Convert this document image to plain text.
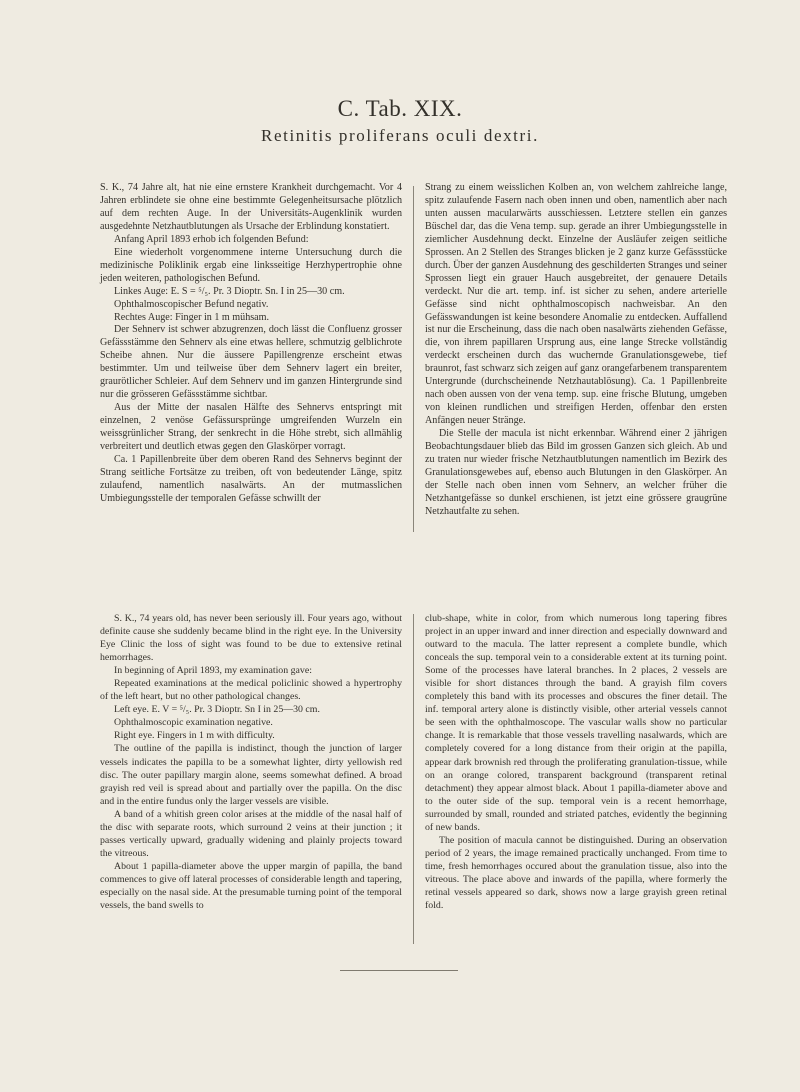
C. Tab. XIX.
Retinitis proliferans oculi dextri.

S. K., 74 Jahre alt, hat nie eine ernstere Krankheit durchgemacht. Vor 4 Jahren erblindete sie ohne eine bestimmte Gelegenheitsursache plötzlich auf dem rechten Auge. In der Universitäts-Augenklinik wurden ausgedehnte Netzhautblutungen als Ursache der Erblindung konstatiert.

Anfang April 1893 erhob ich folgenden Befund:

Eine wiederholt vorgenommene interne Untersuchung durch die medizinische Poliklinik ergab eine linksseitige Herzhypertrophie ohne jeden weiteren, pathologischen Befund.

Linkes Auge: E. S = ⁵/₅. Pr. 3 Dioptr. Sn. I in 25—30 cm.

Ophthalmoscopischer Befund negativ.

Rechtes Auge: Finger in 1 m mühsam.

Der Sehnerv ist schwer abzugrenzen, doch lässt die Confluenz grosser Gefässstämme den Sehnerv als eine etwas hellere, schmutzig gelblichrote Scheibe ahnen. Nur die äussere Papillengrenze erscheint etwas bestimmter. Um und teilweise über dem Sehnerv lagert ein breiter, graurötlicher Schleier. Auf dem Sehnerv und im ganzen Hintergrunde sind nur die grösseren Gefässstämme sichtbar.

Aus der Mitte der nasalen Hälfte des Sehnervs entspringt mit einzelnen, 2 venöse Gefässursprünge umgreifenden Wurzeln ein weissgrünlicher Strang, der senkrecht in die Höhe strebt, sich allmählig verbreitert und deutlich etwas gegen den Glaskörper vorragt.

Ca. 1 Papillenbreite über dem oberen Rand des Sehnervs beginnt der Strang seitliche Fortsätze zu treiben, oft von bedeutender Länge, spitz zulaufend, namentlich nasalwärts. An der mutmasslichen Umbiegungsstelle der temporalen Gefässe schwillt der

Strang zu einem weisslichen Kolben an, von welchem zahlreiche lange, spitz zulaufende Fasern nach oben innen und oben, namentlich aber nach unten aussen macularwärts ausschiessen. Letztere stellen ein ganzes Büschel dar, das die Vena temp. sup. gerade an ihrer Umbiegungsstelle in ziemlicher Ausdehnung deckt. Einzelne der Ausläufer zeigen seitliche Sprossen. An 2 Stellen des Stranges blicken je 2 ganz kurze Gefässstücke durch. Über der ganzen Ausdehnung des geschilderten Stranges und seiner Sprossen liegt ein grauer Hauch ausgebreitet, der genauere Details verdeckt. Nur die art. temp. inf. ist sicher zu sehen, andere arterielle Gefässe sind nicht ophthalmoscopisch nachweisbar. An den Gefässwandungen ist keine besondere Anomalie zu entdecken. Auffallend ist nur die Erscheinung, dass die nach oben nasalwärts ziehenden Gefässe, die, von ihrem papillaren Ursprung aus, eine lange Strecke vollständig verdeckt erscheinen durch das wuchernde Granulationsgewebe, tief braunrot, fast schwarz sich zeigen auf ganz orangefarbenem transparentem Untergrunde (durchscheinende Netzhautablösung). Ca. 1 Papillenbreite nach oben aussen von der vena temp. sup. eine frische Blutung, umgeben von kleinen rundlichen und streifigen Herden, offenbar den ersten Anfängen neuer Stränge.

Die Stelle der macula ist nicht erkennbar. Während einer 2 jährigen Beobachtungsdauer blieb das Bild im grossen Ganzen sich gleich. Ab und zu traten nur wieder frische Netzhautblutungen namentlich im Bezirk des Granulationsgewebes auf, ebenso auch Blutungen in den Glaskörper. An der Stelle nach oben innen vom Sehnerv, an welcher früher die Netzhantgefässe so dunkel erschienen, ist jetzt eine grössere graugrüne Netzhautfalte zu sehen.

S. K., 74 years old, has never been seriously ill. Four years ago, without definite cause she suddenly became blind in the right eye. In the University Eye Clinic the loss of sight was found to be due to extensive retinal hemorrhages.

In beginning of April 1893, my examination gave:

Repeated examinations at the medical policlinic showed a hypertrophy of the left heart, but no other pathological changes.

Left eye. E. V = ⁵/₅. Pr. 3 Dioptr. Sn I in 25—30 cm.

Ophthalmoscopic examination negative.

Right eye. Fingers in 1 m with difficulty.

The outline of the papilla is indistinct, though the junction of larger vessels indicates the papilla to be a somewhat lighter, dirty yellowish red disc. The outer papillary margin alone, seems somewhat defined. A broad grayish red veil is spread about and partially over the papilla. On the disc and in the entire fundus only the larger vessels are visible.

A band of a whitish green color arises at the middle of the nasal half of the disc with separate roots, which surround 2 veins at their junction ; it passes vertically upward, gradually widening and plainly projects toward the vitreous.

About 1 papilla-diameter above the upper margin of papilla, the band commences to give off lateral processes of considerable length and tapering, especially on the nasal side. At the presumable turning point of the temporal vessels, the band swells to

club-shape, white in color, from which numerous long tapering fibres project in an upper inward and inner direction and especially downward and outward to the macula. The latter represent a complete bundle, which conceals the sup. temporal vein to a considerable extent at its turning point. Some of the processes have lateral branches. In 2 places, 2 vessels are visible for short distances through the band. A grayish film covers completely this band with its processes and obscures the finer detail. The inf. temporal artery alone is distinctly visible, other arterial vessels cannot be seen with the ophthalmoscope. The vascular walls show no particular change. It is remarkable that those vessels travelling nasalwards, which are completely covered for a long distance from their origin at the papilla, appear dark brownish red through the proliferating granulation-tissue, while on an orange colored, transparent background (transparent retinal detachment) they appear almost black. About 1 papilla-diameter above and to the outer side of the sup. temporal vein is a recent hemorrhage, surrounded by small, rounded and striated patches, evidently the beginning of new bands.

The position of macula cannot be distinguished. During an observation period of 2 years, the image remained practically unchanged. From time to time, fresh hemorrhages occured about the granulation tissue, also into the vitreous. The place above and inwards of the papilla, where formerly the retinal vessels appeared so dark, shows now a large grayish green retinal fold.
